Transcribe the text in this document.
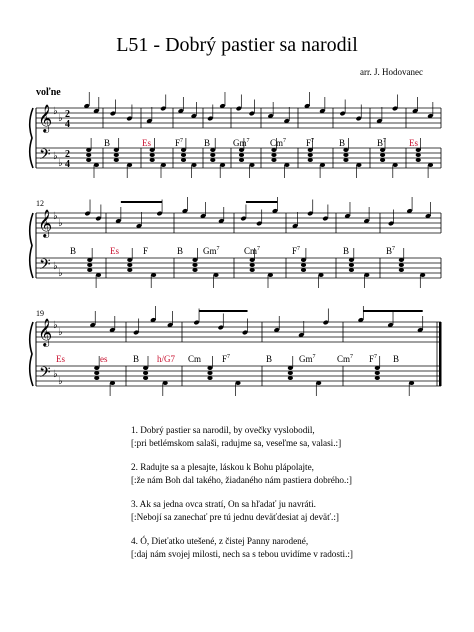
L51 - Dobrý pastier sa narodil
arr. J. Hodovanec
voľne
12
19
𝄞
𝄢
♭
♭
♭
♭
2
4
2
4
B	Es	$F^7$ B	Gm$^7$ Cm$^7$ $F^7$	B	$B^7$	Es
𝄞
𝄢
♭
♭
♭
♭
B	Es	F	B Gm$^7$	Cm$^7$	$F^7$	B	$B^7$
𝄞
𝄢
♭
♭
♭
♭
Es	es	B h/G7 Cm $F^7$	B	Gm$^7$ Cm$^7$ $F^7$ B
1. Dobrý pastier sa narodil, by ovečky vyslobodil,
[:pri betlémskom salaši, radujme sa, veseľme sa, valasi.:]
2. Radujte sa a plesajte, láskou k Bohu plápolajte,
[:že nám Boh dal takého, žiadaného nám pastiera dobrého.:]
3. Ak sa jedna ovca stratí, On sa hľadať ju navráti.
[:Nebojí sa zanechať pre tú jednu deväťdesiat aj deväť.:]
4. Ó, Dieťatko utešené, z čistej Panny narodené,
[:daj nám svojej milosti, nech sa s tebou uvidíme v radosti.:]
